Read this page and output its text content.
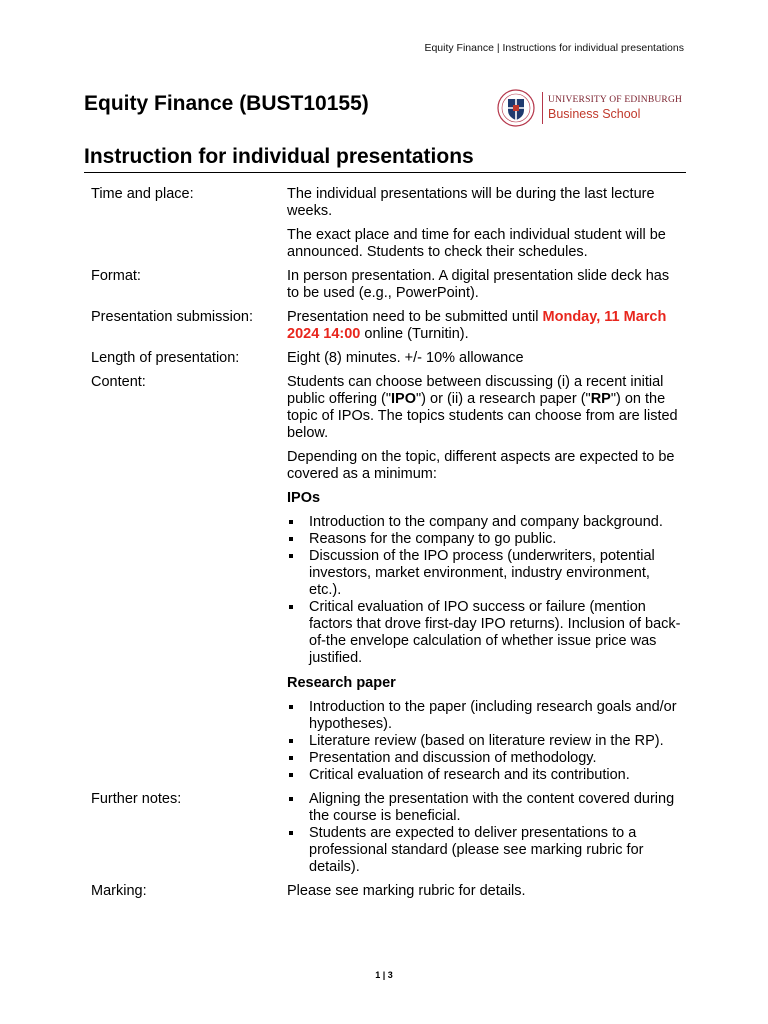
Equity Finance | Instructions for individual presentations
Equity Finance (BUST10155)	UNIVERSITY OF EDINBURGH
Business School
Instruction for individual presentations
Time and place:	The individual presentations will be during the last lecture weeks.

The exact place and time for each individual student will be announced. Students to check their schedules.

Format:	In person presentation. A digital presentation slide deck has to be used (e.g., PowerPoint).

Presentation submission:	Presentation need to be submitted until Monday, 11 March 2024 14:00 online (Turnitin).

Length of presentation:	Eight (8) minutes. +/- 10% allowance

Content:	Students can choose between discussing (i) a recent initial public offering ("IPO") or (ii) a research paper ("RP") on the topic of IPOs. The topics students can choose from are listed below.

Depending on the topic, different aspects are expected to be covered as a minimum:

IPOs

Introduction to the company and company background.
Reasons for the company to go public.
Discussion of the IPO process (underwriters, potential investors, market environment, industry environment, etc.).
Critical evaluation of IPO success or failure (mention factors that drove first-day IPO returns). Inclusion of back-of-the envelope calculation of whether issue price was justified.

Research paper

Introduction to the paper (including research goals and/or hypotheses).
Literature review (based on literature review in the RP).
Presentation and discussion of methodology.
Critical evaluation of research and its contribution.
Further notes:	Aligning the presentation with the content covered during the course is beneficial.
Students are expected to deliver presentations to a professional standard (please see marking rubric for details).
Marking:	Please see marking rubric for details.

1 | 3
